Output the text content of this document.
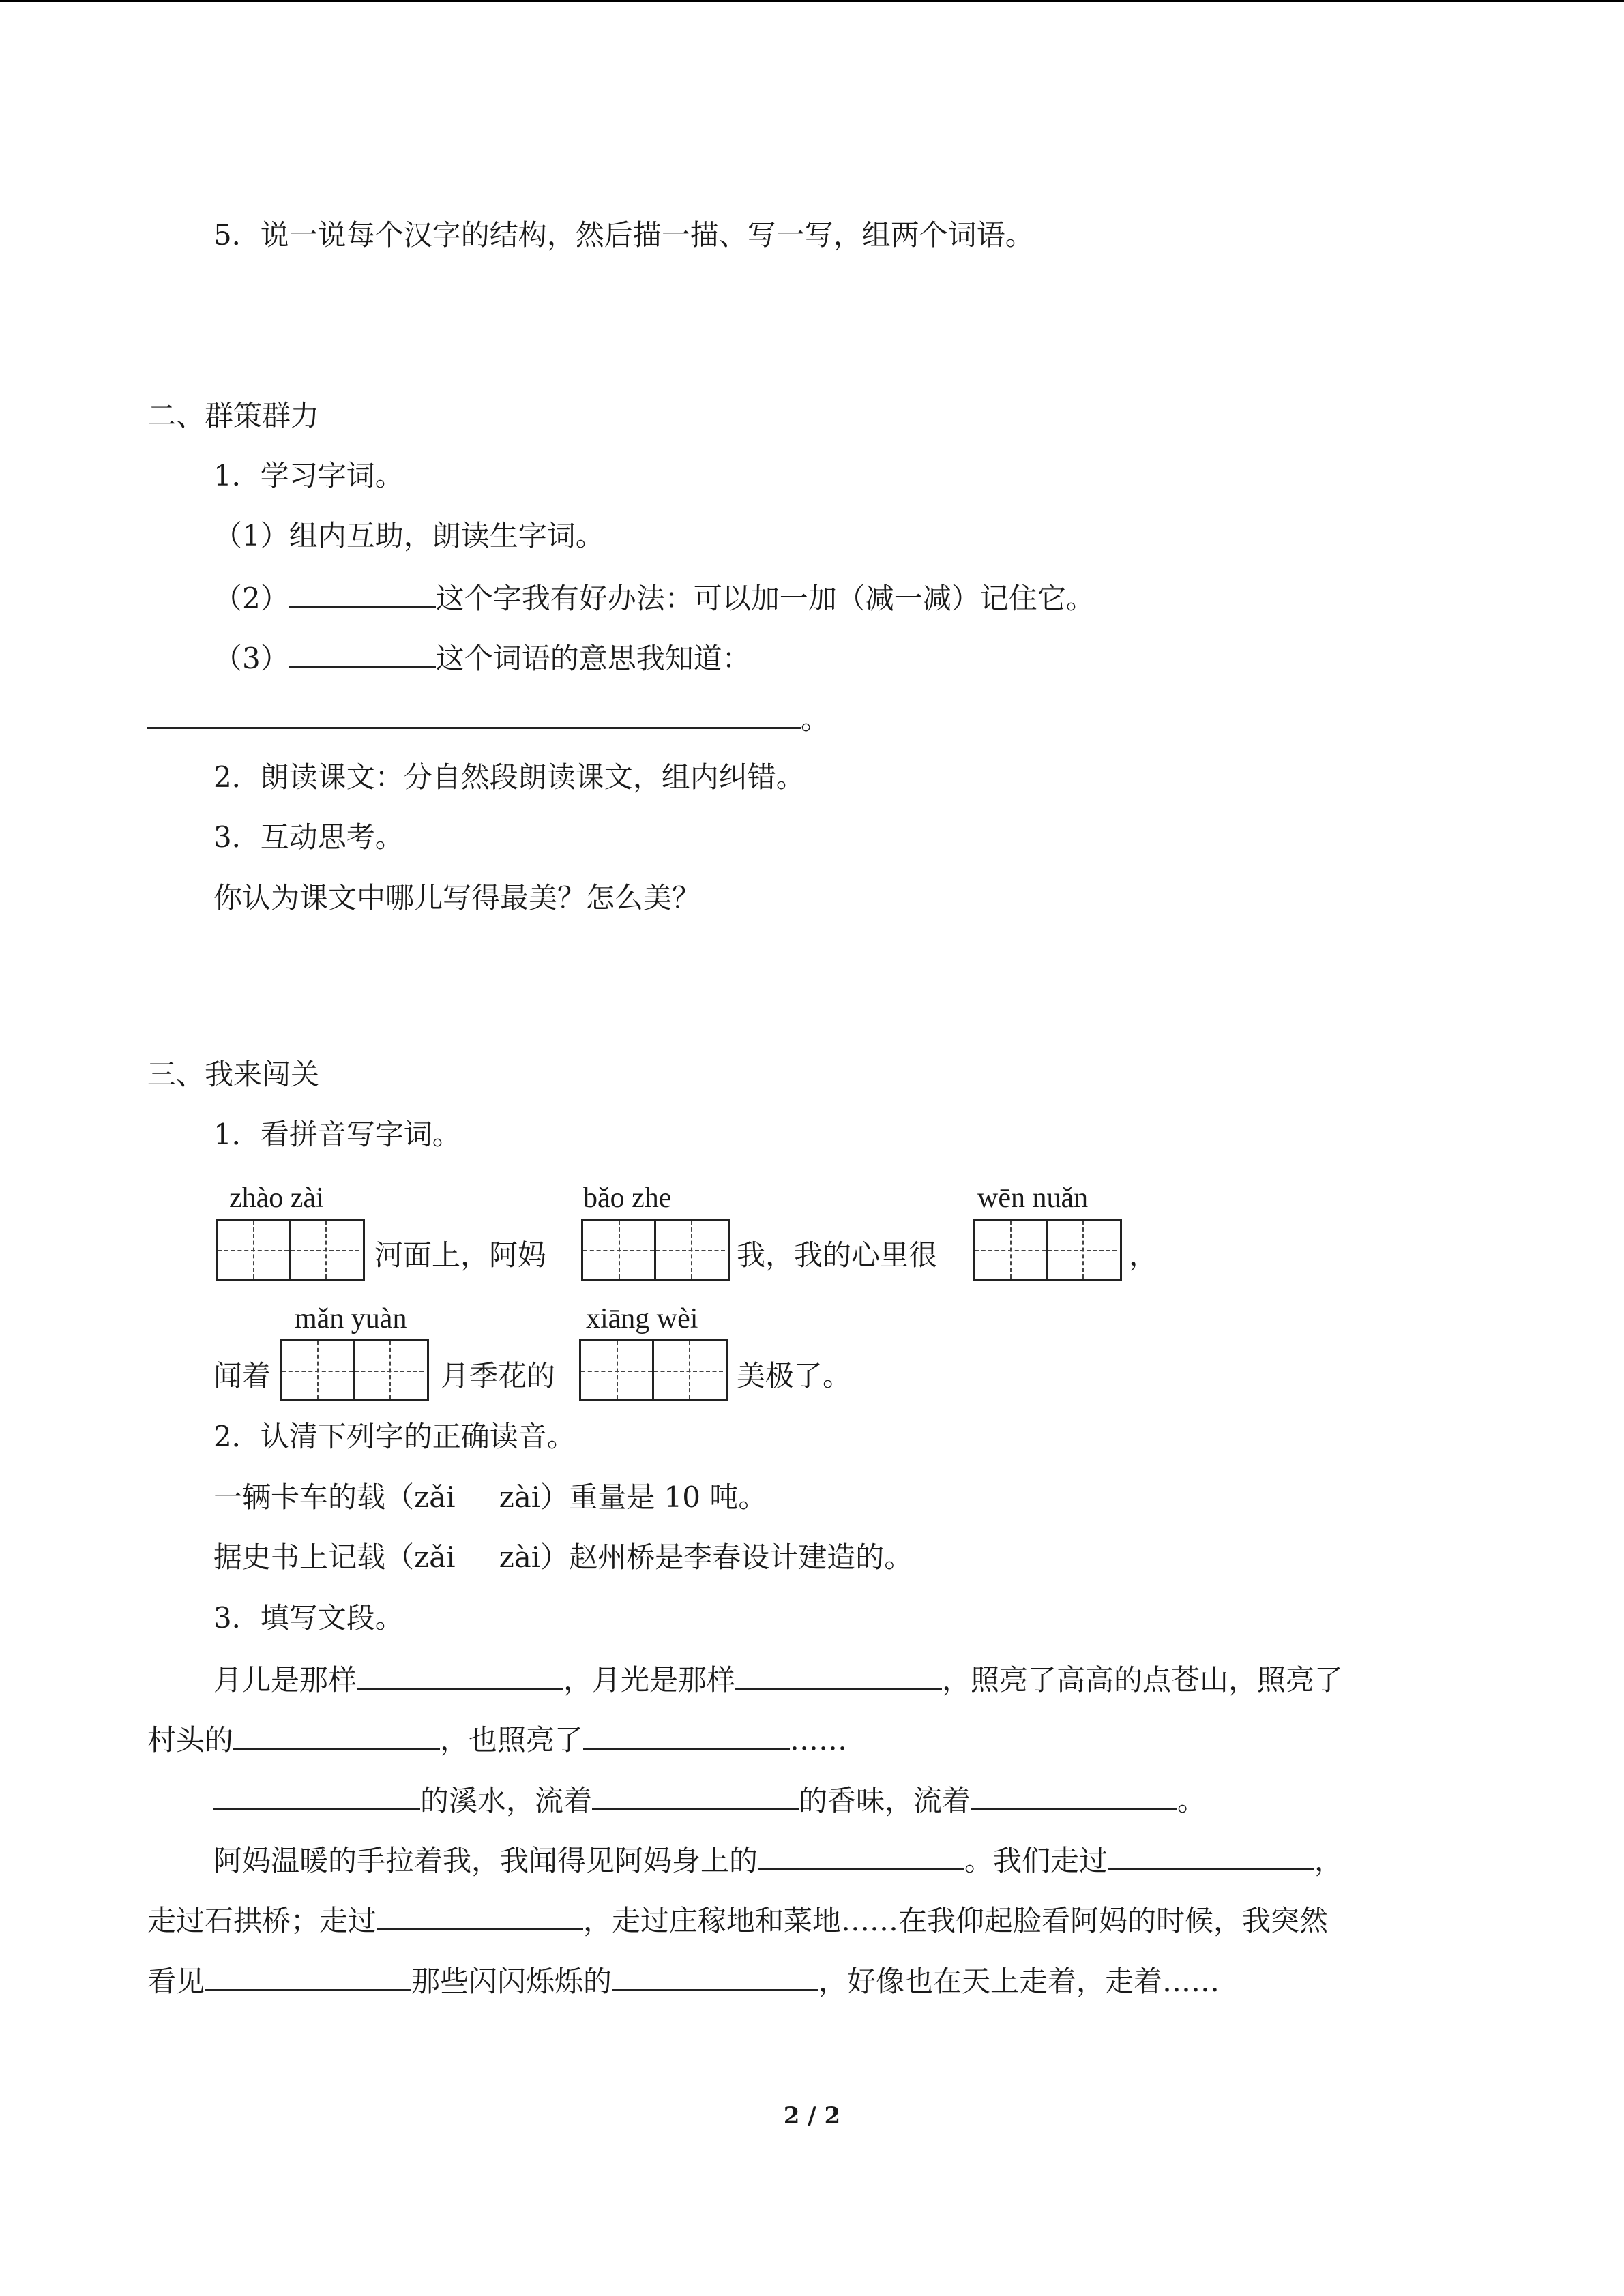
5．说一说每个汉字的结构，然后描一描、写一写，组两个词语。
二、群策群力
1．学习字词。
（1）组内互助，朗读生字词。
（2）	这个字我有好办法：可以加一加（减一减）记住它。
（3）	这个词语的意思我知道：
。
2．朗读课文：分自然段朗读课文，组内纠错。
3．互动思考。
你认为课文中哪儿写得最美？怎么美？
三、我来闯关
1．看拼音写字词。
zhào zài	bǎo zhe	wēn nuǎn
河面上，阿妈	我，我的心里很	，
mǎn yuàn	xiāng wèi
闻着	月季花的	美极了。
2．认清下列字的正确读音。
一辆卡车的载（zǎi zài）重量是 10 吨。
据史书上记载（zǎi zài）赵州桥是李春设计建造的。
3．填写文段。
月儿是那样	，月光是那样	，照亮了高高的点苍山，照亮了
村头的	，也照亮了	……
的溪水，流着	的香味，流着	。
阿妈温暖的手拉着我，我闻得见阿妈身上的	。我们走过	，
走过石拱桥；走过	，走过庄稼地和菜地……在我仰起脸看阿妈的时候，我突然
看见	那些闪闪烁烁的	，好像也在天上走着，走着……
2 / 2
